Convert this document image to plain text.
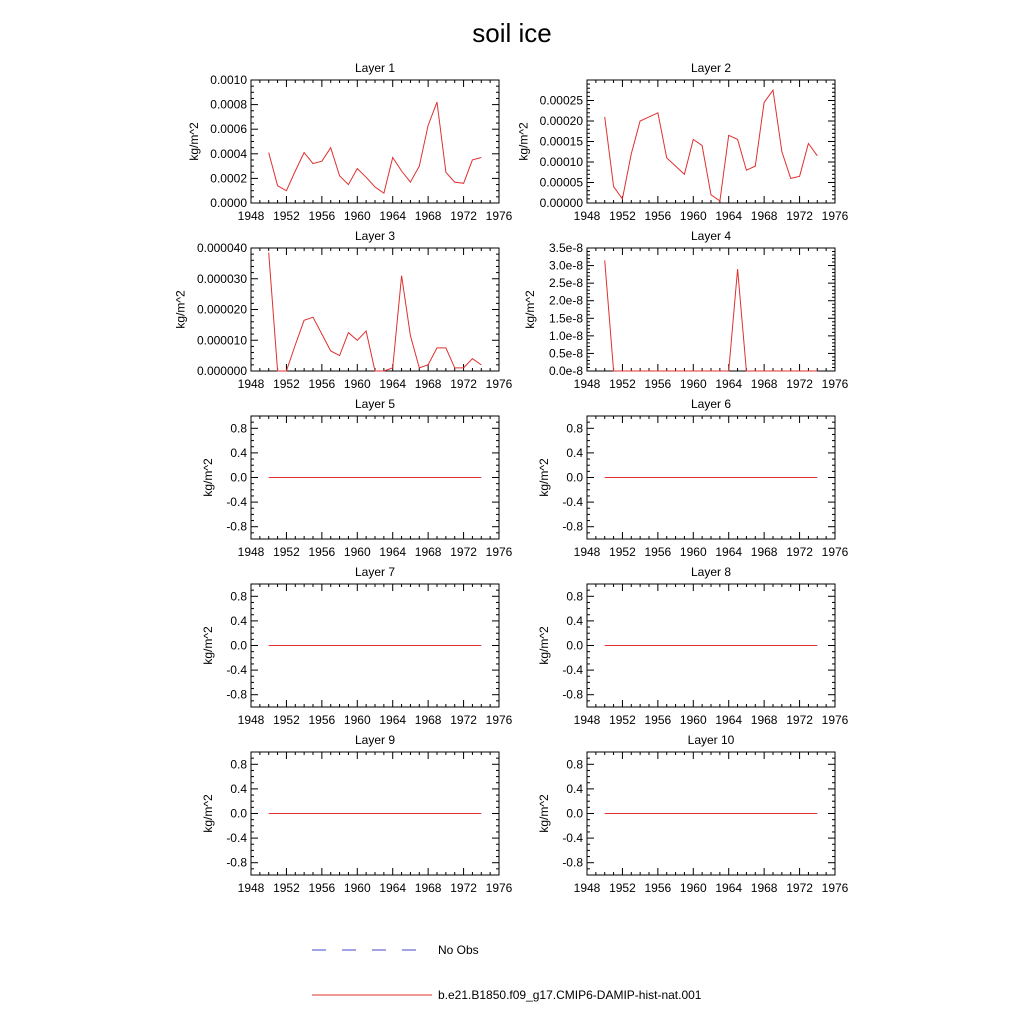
soil ice
Layer 1
1948 1952 1956 1960 1964 1968 1972 1976
0.0000
0.0002
0.0004
0.0006
0.0008
0.0010
kg/m^2
Layer 2
1948 1952 1956 1960 1964 1968 1972 1976
0.00000
0.00005
0.00010
0.00015
0.00020
0.00025
kg/m^2
Layer 3
1948 1952 1956 1960 1964 1968 1972 1976
0.000000
0.000010
0.000020
0.000030
0.000040
kg/m^2
Layer 4
1948 1952 1956 1960 1964 1968 1972 1976
0.0e-8
0.5e-8
1.0e-8
1.5e-8
2.0e-8
2.5e-8
3.0e-8
3.5e-8
kg/m^2
Layer 5
1948 1952 1956 1960 1964 1968 1972 1976
-0.8
-0.4
0.0
0.4
0.8
kg/m^2
Layer 6
1948 1952 1956 1960 1964 1968 1972 1976
-0.8
-0.4
0.0
0.4
0.8
kg/m^2
Layer 7
1948 1952 1956 1960 1964 1968 1972 1976
-0.8
-0.4
0.0
0.4
0.8
kg/m^2
Layer 8
1948 1952 1956 1960 1964 1968 1972 1976
-0.8
-0.4
0.0
0.4
0.8
kg/m^2
Layer 9
1948 1952 1956 1960 1964 1968 1972 1976
-0.8
-0.4
0.0
0.4
0.8
kg/m^2
Layer 10
1948 1952 1956 1960 1964 1968 1972 1976
-0.8
-0.4
0.0
0.4
0.8
kg/m^2
No Obs
b.e21.B1850.f09_g17.CMIP6-DAMIP-hist-nat.001
